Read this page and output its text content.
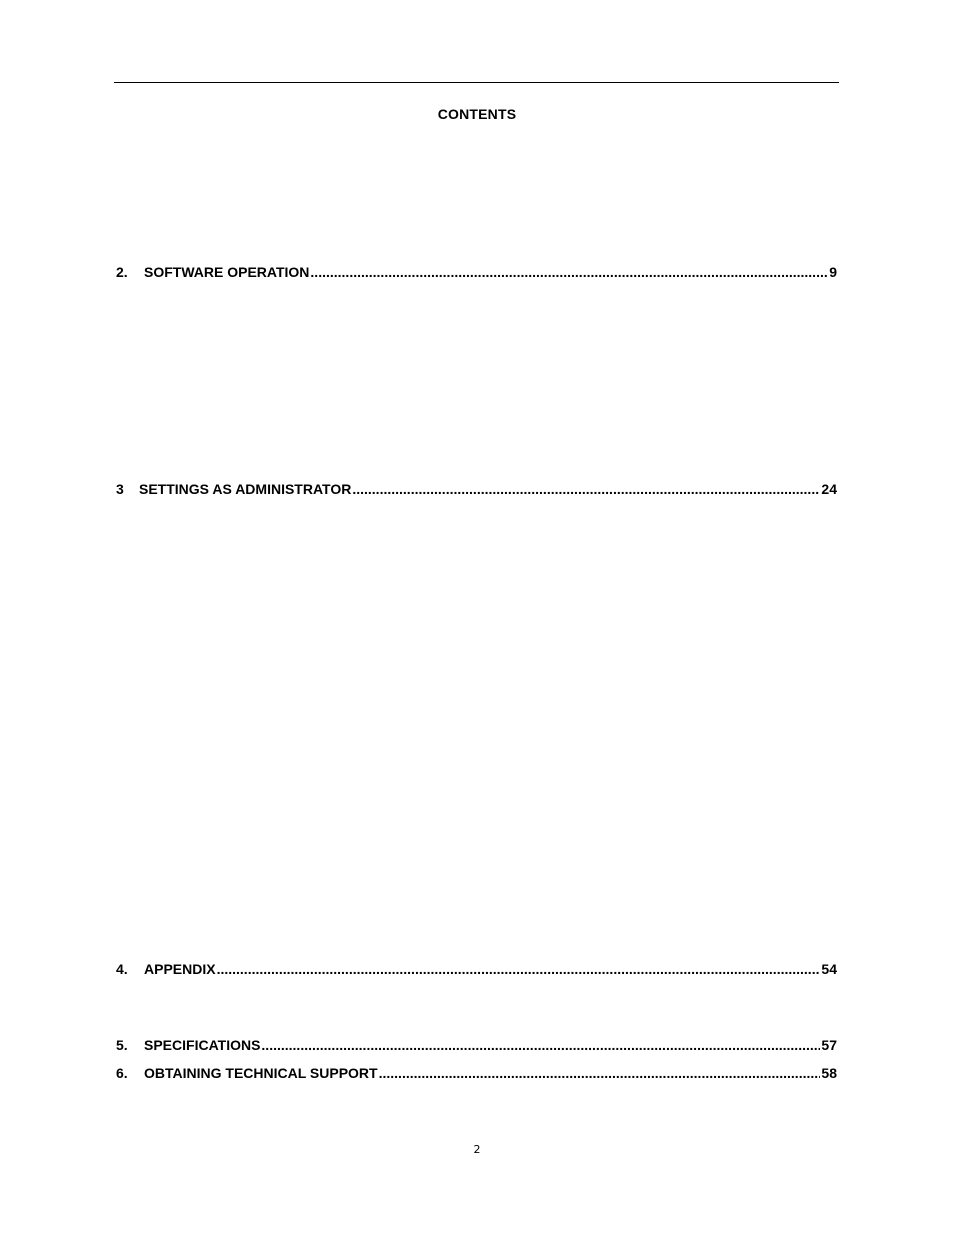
CONTENTS
2.	SOFTWARE OPERATION .....	9
3	SETTINGS AS ADMINISTRATOR .....	24
4.	APPENDIX .....	54
5.	SPECIFICATIONS .....	57
6.	OBTAINING TECHNICAL SUPPORT .....	58
2
